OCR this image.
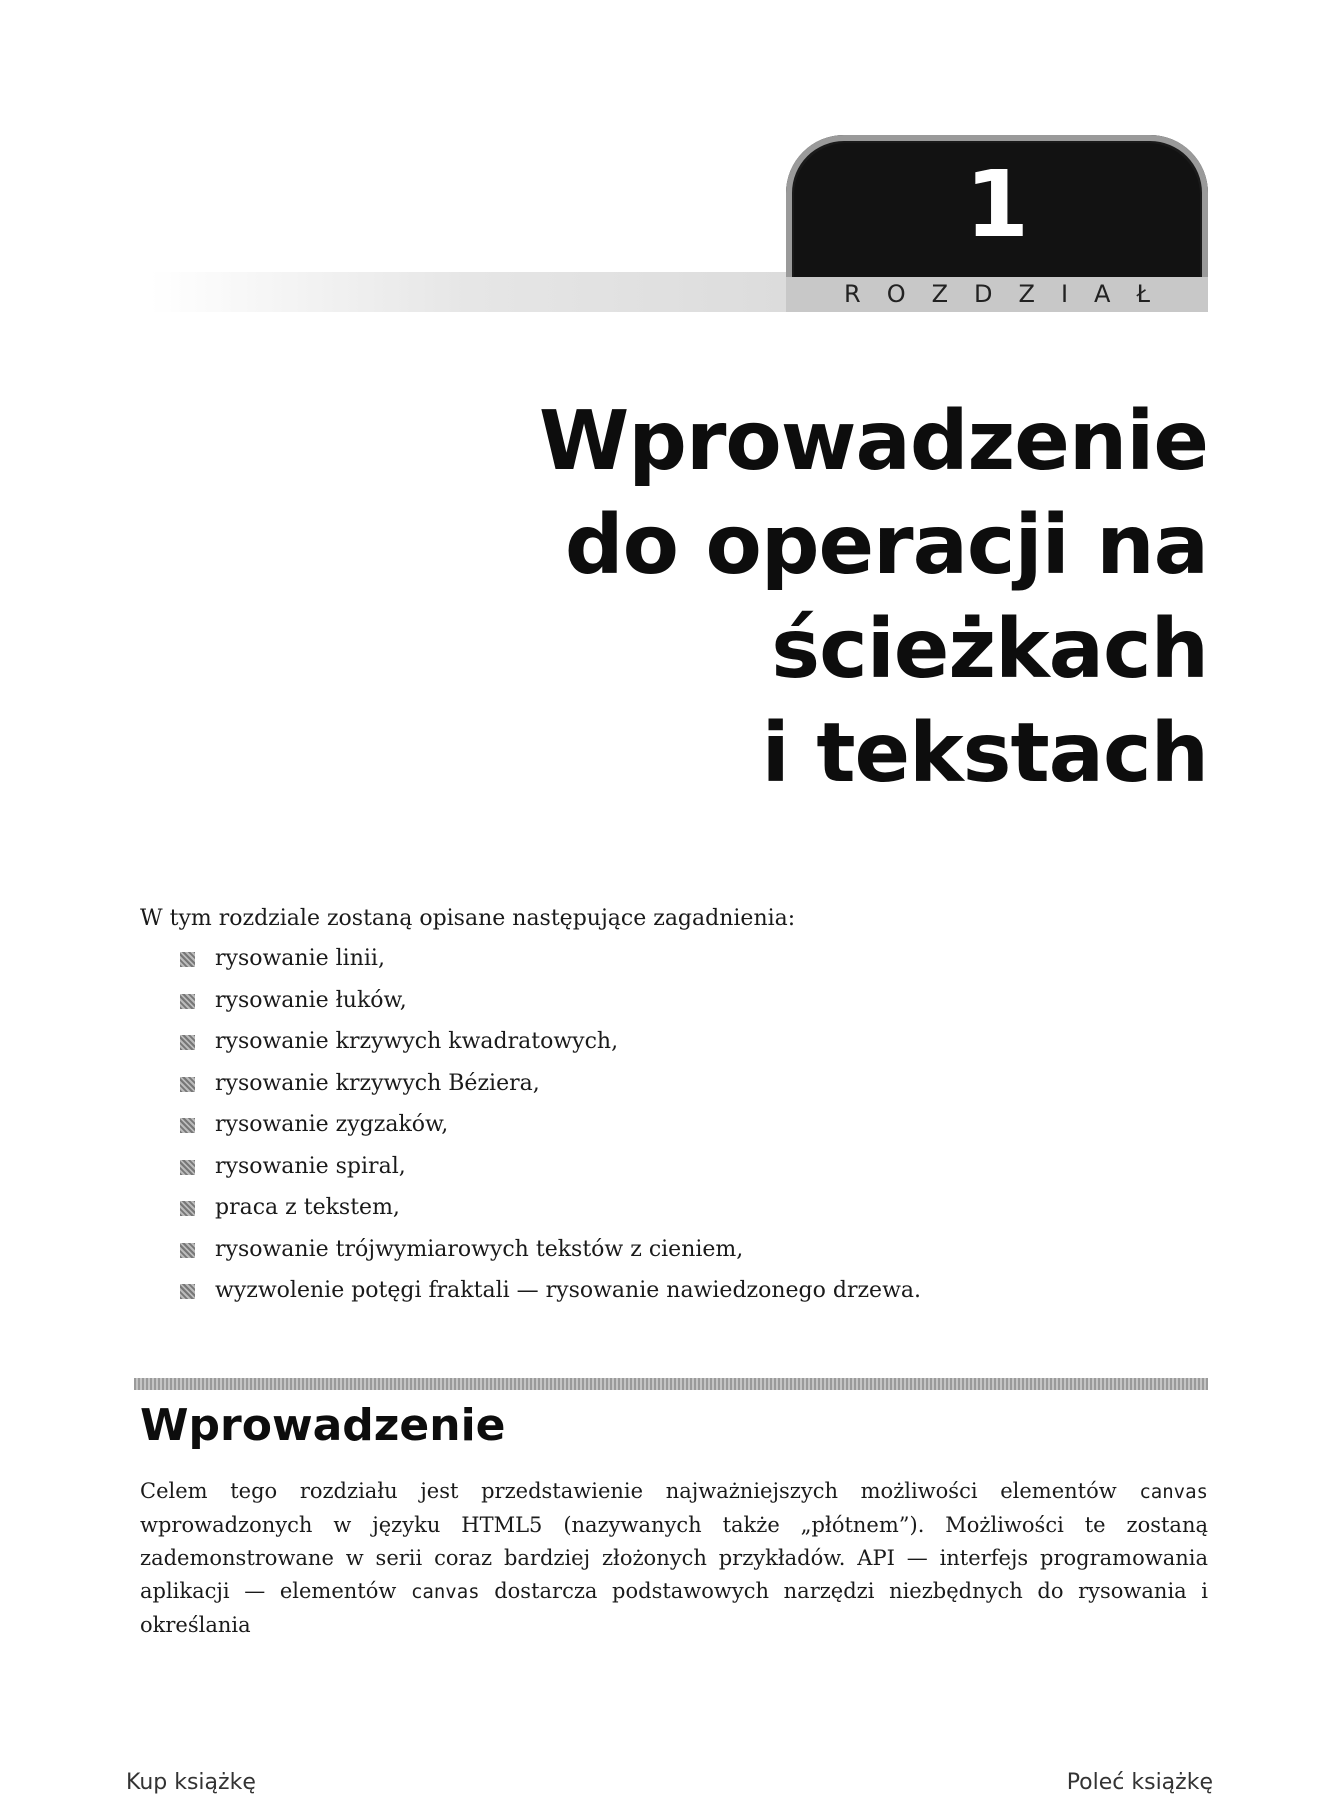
1
ROZDZIAŁ
Wprowadzenie
do operacji na ścieżkach
i tekstach
W tym rozdziale zostaną opisane następujące zagadnienia:
rysowanie linii,
rysowanie łuków,
rysowanie krzywych kwadratowych,
rysowanie krzywych Béziera,
rysowanie zygzaków,
rysowanie spiral,
praca z tekstem,
rysowanie trójwymiarowych tekstów z cieniem,
wyzwolenie potęgi fraktali — rysowanie nawiedzonego drzewa.
Wprowadzenie

Celem tego rozdziału jest przedstawienie najważniejszych możliwości elementów canvas wprowadzonych w języku HTML5 (nazywanych także „płótnem”). Możliwości te zostaną zademonstrowane w serii coraz bardziej złożonych przykładów. API — interfejs programowania aplikacji — elementów canvas dostarcza podstawowych narzędzi niezbędnych do rysowania i określania

Kup książkę	Poleć książkę
